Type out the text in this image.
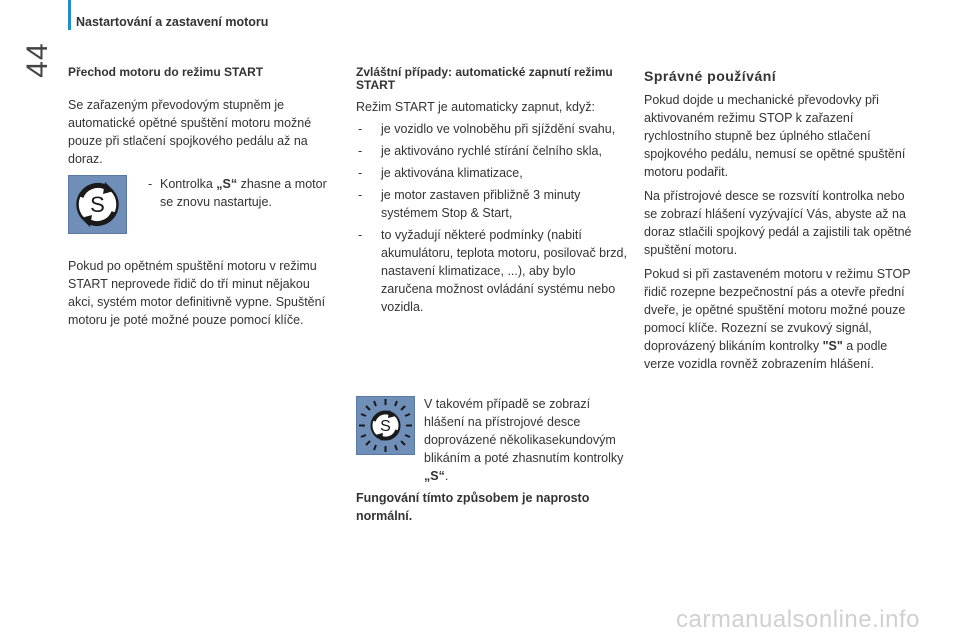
44
Nastartování a zastavení motoru

Přechod motoru do režimu START

Se zařazeným převodovým stupněm je automatické opětné spuštění motoru možné pouze při stlačení spojkového pedálu až na doraz.

S
- Kontrolka „S“ zhasne a motor se znovu nastartuje.

Pokud po opětném spuštění motoru v režimu START neprovede řidič do tří minut nějakou akci, systém motor definitivně vypne. Spuštění motoru je poté možné pouze pomocí klíče.

Zvláštní případy: automatické zapnutí režimu START

Režim START je automaticky zapnut, když:

- je vozidlo ve volnoběhu při sjíždění svahu,
- je aktivováno rychlé stírání čelního skla,
- je aktivována klimatizace,
- je motor zastaven přibližně 3 minuty systémem Stop & Start,
- to vyžadují některé podmínky (nabití akumulátoru, teplota motoru, posilovač brzd, nastavení klimatizace, ...), aby bylo zaručena možnost ovládání systému nebo vozidla.
S
V takovém případě se zobrazí hlášení na přístrojové desce doprovázené několikasekundovým blikáním a poté zhasnutím kontrolky „S“.
Fungování tímto způsobem je naprosto normální.
Správné používání

Pokud dojde u mechanické převodovky při aktivovaném režimu STOP k zařazení rychlostního stupně bez úplného stlačení spojkového pedálu, nemusí se opětné spuštění motoru podařit.

Na přístrojové desce se rozsvítí kontrolka nebo se zobrazí hlášení vyzývající Vás, abyste až na doraz stlačili spojkový pedál a zajistili tak opětné spuštění motoru.

Pokud si při zastaveném motoru v režimu STOP řidič rozepne bezpečnostní pás a otevře přední dveře, je opětné spuštění motoru možné pouze pomocí klíče. Rozezní se zvukový signál, doprovázený blikáním kontrolky "S" a podle verze vozidla rovněž zobrazením hlášení.

carmanualsonline.info
